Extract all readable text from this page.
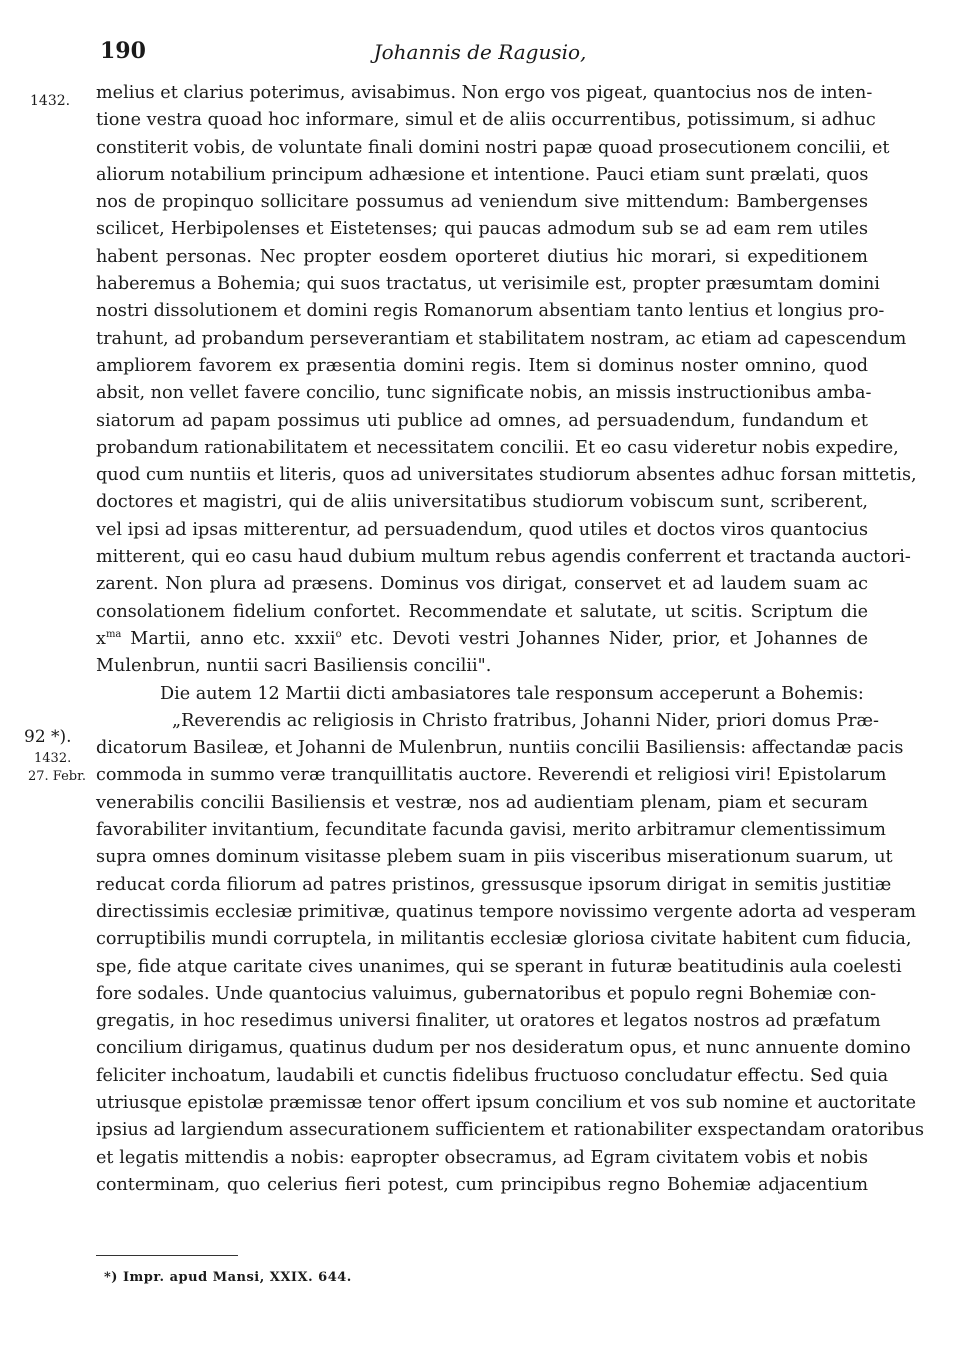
190	Johannis de Ragusio,
1432.
92 *).
1432.
27. Febr.
melius et clarius poterimus, avisabimus. Non ergo vos pigeat, quantocius nos de inten-
tione vestra quoad hoc informare, simul et de aliis occurrentibus, potissimum, si adhuc
constiterit vobis, de voluntate finali domini nostri papæ quoad prosecutionem concilii, et
aliorum notabilium principum adhæsione et intentione. Pauci etiam sunt prælati, quos
nos de propinquo sollicitare possumus ad veniendum sive mittendum: Bambergenses
scilicet, Herbipolenses et Eistetenses; qui paucas admodum sub se ad eam rem utiles
habent personas. Nec propter eosdem oporteret diutius hic morari, si expeditionem
haberemus a Bohemia; qui suos tractatus, ut verisimile est, propter præsumtam domini
nostri dissolutionem et domini regis Romanorum absentiam tanto lentius et longius pro-
trahunt, ad probandum perseverantiam et stabilitatem nostram, ac etiam ad capescendum
ampliorem favorem ex præsentia domini regis. Item si dominus noster omnino, quod
absit, non vellet favere concilio, tunc significate nobis, an missis instructionibus amba-
siatorum ad papam possimus uti publice ad omnes, ad persuadendum, fundandum et
probandum rationabilitatem et necessitatem concilii. Et eo casu videretur nobis expedire,
quod cum nuntiis et literis, quos ad universitates studiorum absentes adhuc forsan mittetis,
doctores et magistri, qui de aliis universitatibus studiorum vobiscum sunt, scriberent,
vel ipsi ad ipsas mitterentur, ad persuadendum, quod utiles et doctos viros quantocius
mitterent, qui eo casu haud dubium multum rebus agendis conferrent et tractanda auctori-
zarent. Non plura ad præsens. Dominus vos dirigat, conservet et ad laudem suam ac
consolationem fidelium confortet. Recommendate et salutate, ut scitis. Scriptum die
$x^{ma}$ Martii, anno etc. xxxii$^o$ etc. Devoti vestri Johannes Nider, prior, et Johannes de
Mulenbrun, nuntii sacri Basiliensis concilii".
Die autem 12 Martii dicti ambasiatores tale responsum acceperunt a Bohemis:
„Reverendis ac religiosis in Christo fratribus, Johanni Nider, priori domus Præ-
dicatorum Basileæ, et Johanni de Mulenbrun, nuntiis concilii Basiliensis: affectandæ pacis
commoda in summo veræ tranquillitatis auctore. Reverendi et religiosi viri! Epistolarum
venerabilis concilii Basiliensis et vestræ, nos ad audientiam plenam, piam et securam
favorabiliter invitantium, fecunditate facunda gavisi, merito arbitramur clementissimum
supra omnes dominum visitasse plebem suam in piis visceribus miserationum suarum, ut
reducat corda filiorum ad patres pristinos, gressusque ipsorum dirigat in semitis justitiæ
directissimis ecclesiæ primitivæ, quatinus tempore novissimo vergente adorta ad vesperam
corruptibilis mundi corruptela, in militantis ecclesiæ gloriosa civitate habitent cum fiducia,
spe, fide atque caritate cives unanimes, qui se sperant in futuræ beatitudinis aula coelesti
fore sodales. Unde quantocius valuimus, gubernatoribus et populo regni Bohemiæ con-
gregatis, in hoc resedimus universi finaliter, ut oratores et legatos nostros ad præfatum
concilium dirigamus, quatinus dudum per nos desideratum opus, et nunc annuente domino
feliciter inchoatum, laudabili et cunctis fidelibus fructuoso concludatur effectu. Sed quia
utriusque epistolæ præmissæ tenor offert ipsum concilium et vos sub nomine et auctoritate
ipsius ad largiendum assecurationem sufficientem et rationabiliter exspectandam oratoribus
et legatis mittendis a nobis: eapropter obsecramus, ad Egram civitatem vobis et nobis
conterminam, quo celerius fieri potest, cum principibus regno Bohemiæ adjacentium
*) Impr. apud Mansi, XXIX. 644.
